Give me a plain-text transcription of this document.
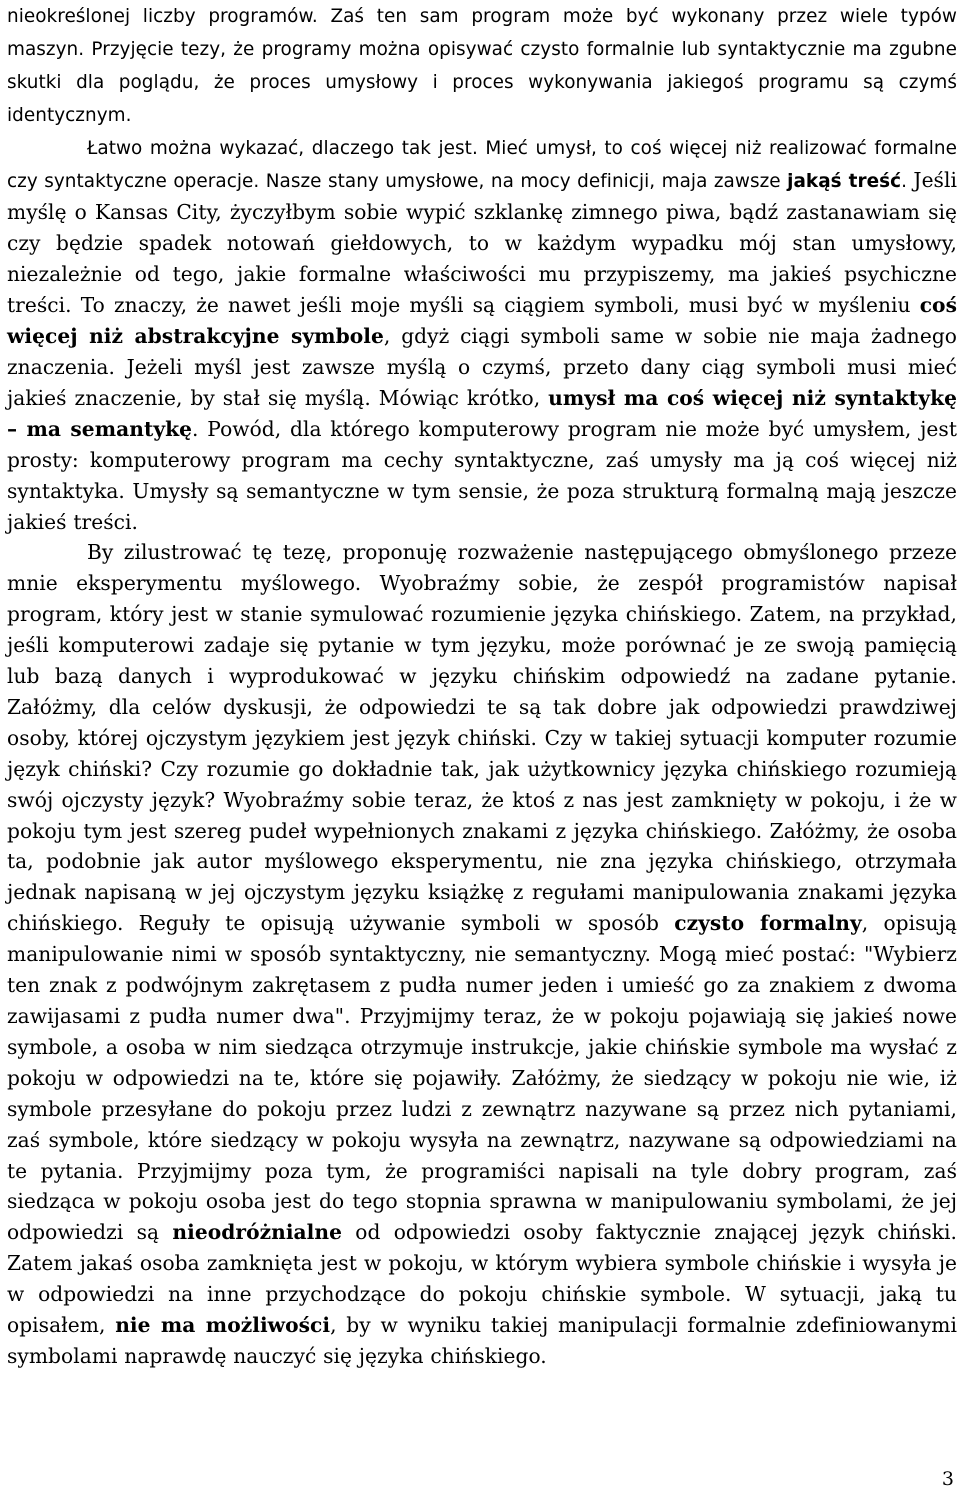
nieokreślonej liczby programów. Zaś ten sam program może być wykonany przez wiele typów maszyn. Przyjęcie tezy, że programy można opisywać czysto formalnie lub syntaktycznie ma zgubne skutki dla poglądu, że proces umysłowy i proces wykonywania jakiegoś programu są czymś identycznym.

Łatwo można wykazać, dlaczego tak jest. Mieć umysł, to coś więcej niż realizować formalne czy syntaktyczne operacje. Nasze stany umysłowe, na mocy definicji, maja zawsze jakąś treść. Jeśli myślę o Kansas City, życzyłbym sobie wypić szklankę zimnego piwa, bądź zastanawiam się czy będzie spadek notowań giełdowych, to w każdym wypadku mój stan umysłowy, niezależnie od tego, jakie formalne właściwości mu przypiszemy, ma jakieś psychiczne treści. To znaczy, że nawet jeśli moje myśli są ciągiem symboli, musi być w myśleniu coś więcej niż abstrakcyjne symbole, gdyż ciągi symboli same w sobie nie maja żadnego znaczenia. Jeżeli myśl jest zawsze myślą o czymś, przeto dany ciąg symboli musi mieć jakieś znaczenie, by stał się myślą. Mówiąc krótko, umysł ma coś więcej niż syntaktykę – ma semantykę. Powód, dla którego komputerowy program nie może być umysłem, jest prosty: komputerowy program ma cechy syntaktyczne, zaś umysły ma ją coś więcej niż syntaktyka. Umysły są semantyczne w tym sensie, że poza strukturą formalną mają jeszcze jakieś treści.

By zilustrować tę tezę, proponuję rozważenie następującego obmyślonego przeze mnie eksperymentu myślowego. Wyobraźmy sobie, że zespół programistów napisał program, który jest w stanie symulować rozumienie języka chińskiego. Zatem, na przykład, jeśli komputerowi zadaje się pytanie w tym języku, może porównać je ze swoją pamięcią lub bazą danych i wyprodukować w języku chińskim odpowiedź na zadane pytanie. Załóżmy, dla celów dyskusji, że odpowiedzi te są tak dobre jak odpowiedzi prawdziwej osoby, której ojczystym językiem jest język chiński. Czy w takiej sytuacji komputer rozumie język chiński? Czy rozumie go dokładnie tak, jak użytkownicy języka chińskiego rozumieją swój ojczysty język? Wyobraźmy sobie teraz, że ktoś z nas jest zamknięty w pokoju, i że w pokoju tym jest szereg pudeł wypełnionych znakami z języka chińskiego. Załóżmy, że osoba ta, podobnie jak autor myślowego eksperymentu, nie zna języka chińskiego, otrzymała jednak napisaną w jej ojczystym języku książkę z regułami manipulowania znakami języka chińskiego. Reguły te opisują używanie symboli w sposób czysto formalny, opisują manipulowanie nimi w sposób syntaktyczny, nie semantyczny. Mogą mieć postać: "Wybierz ten znak z podwójnym zakrętasem z pudła numer jeden i umieść go za znakiem z dwoma zawijasami z pudła numer dwa". Przyjmijmy teraz, że w pokoju pojawiają się jakieś nowe symbole, a osoba w nim siedząca otrzymuje instrukcje, jakie chińskie symbole ma wysłać z pokoju w odpowiedzi na te, które się pojawiły. Załóżmy, że siedzący w pokoju nie wie, iż symbole przesyłane do pokoju przez ludzi z zewnątrz nazywane są przez nich pytaniami, zaś symbole, które siedzący w pokoju wysyła na zewnątrz, nazywane są odpowiedziami na te pytania. Przyjmijmy poza tym, że programiści napisali na tyle dobry program, zaś siedząca w pokoju osoba jest do tego stopnia sprawna w manipulowaniu symbolami, że jej odpowiedzi są nieodróżnialne od odpowiedzi osoby faktycznie znającej język chiński. Zatem jakaś osoba zamknięta jest w pokoju, w którym wybiera symbole chińskie i wysyła je w odpowiedzi na inne przychodzące do pokoju chińskie symbole. W sytuacji, jaką tu opisałem, nie ma możliwości, by w wyniku takiej manipulacji formalnie zdefiniowanymi symbolami naprawdę nauczyć się języka chińskiego.

3
